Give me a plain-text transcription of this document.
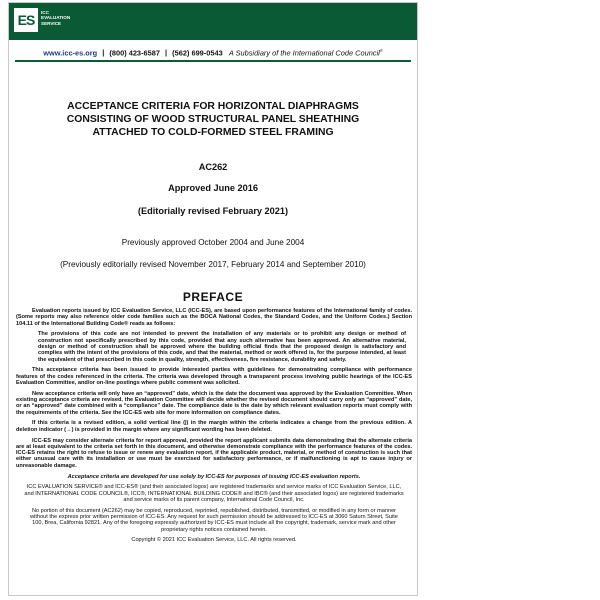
ES	ICC
EVALUATION
SERVICE
www.icc-es.org | (800) 423-6587 | (562) 699-0543 A Subsidiary of the International Code Council®
ACCEPTANCE CRITERIA FOR HORIZONTAL DIAPHRAGMS
CONSISTING OF WOOD STRUCTURAL PANEL SHEATHING
ATTACHED TO COLD-FORMED STEEL FRAMING
AC262
Approved June 2016
(Editorially revised February 2021)
Previously approved October 2004 and June 2004
(Previously editorially revised November 2017, February 2014 and September 2010)
PREFACE

Evaluation reports issued by ICC Evaluation Service, LLC (ICC-ES), are based upon performance features of the International family of codes. (Some reports may also reference older code families such as the BOCA National Codes, the Standard Codes, and the Uniform Codes.) Section 104.11 of the International Building Code® reads as follows:

The provisions of this code are not intended to prevent the installation of any materials or to prohibit any design or method of construction not specifically prescribed by this code, provided that any such alternative has been approved. An alternative material, design or method of construction shall be approved where the building official finds that the proposed design is satisfactory and complies with the intent of the provisions of this code, and that the material, method or work offered is, for the purpose intended, at least the equivalent of that prescribed in this code in quality, strength, effectiveness, fire resistance, durability and safety.

This acceptance criteria has been issued to provide interested parties with guidelines for demonstrating compliance with performance features of the codes referenced in the criteria. The criteria was developed through a transparent process involving public hearings of the ICC-ES Evaluation Committee, and/or on-line postings where public comment was solicited.

New acceptance criteria will only have an “approved” date, which is the date the document was approved by the Evaluation Committee. When existing acceptance criteria are revised, the Evaluation Committee will decide whether the revised document should carry only an “approved” date, or an “approved” date combined with a “compliance” date. The compliance date is the date by which relevant evaluation reports must comply with the requirements of the criteria. See the ICC-ES web site for more information on compliance dates.

If this criteria is a revised edition, a solid vertical line (|) in the margin within the criteria indicates a change from the previous edition. A deletion indicator (→) is provided in the margin where any significant wording has been deleted.

ICC-ES may consider alternate criteria for report approval, provided the report applicant submits data demonstrating that the alternate criteria are at least equivalent to the criteria set forth in this document, and otherwise demonstrate compliance with the performance features of the codes. ICC-ES retains the right to refuse to issue or renew any evaluation report, if the applicable product, material, or method of construction is such that either unusual care with its installation or use must be exercised for satisfactory performance, or if malfunctioning is apt to cause injury or unreasonable damage.

Acceptance criteria are developed for use solely by ICC-ES for purposes of issuing ICC-ES evaluation reports.

ICC EVALUATION SERVICE® and ICC-ES® (and their associated logos) are registered trademarks and service marks of ICC Evaluation Service, LLC, and INTERNATIONAL CODE COUNCIL®, ICC®, INTERNATIONAL BUILDING CODE® and IBC® (and their associated logos) are registered trademarks and service marks of its parent company, International Code Council, Inc.

No portion of this document (AC262) may be copied, reproduced, reprinted, republished, distributed, transmitted, or modified in any form or manner without the express prior written permission of ICC-ES. Any request for such permission should be addressed to ICC-ES at 3060 Saturn Street, Suite 100, Brea, California 92821. Any of the foregoing expressly authorized by ICC-ES must include all the copyright, trademark, service mark and other proprietary rights notices contained herein.

Copyright © 2021 ICC Evaluation Service, LLC. All rights reserved.
